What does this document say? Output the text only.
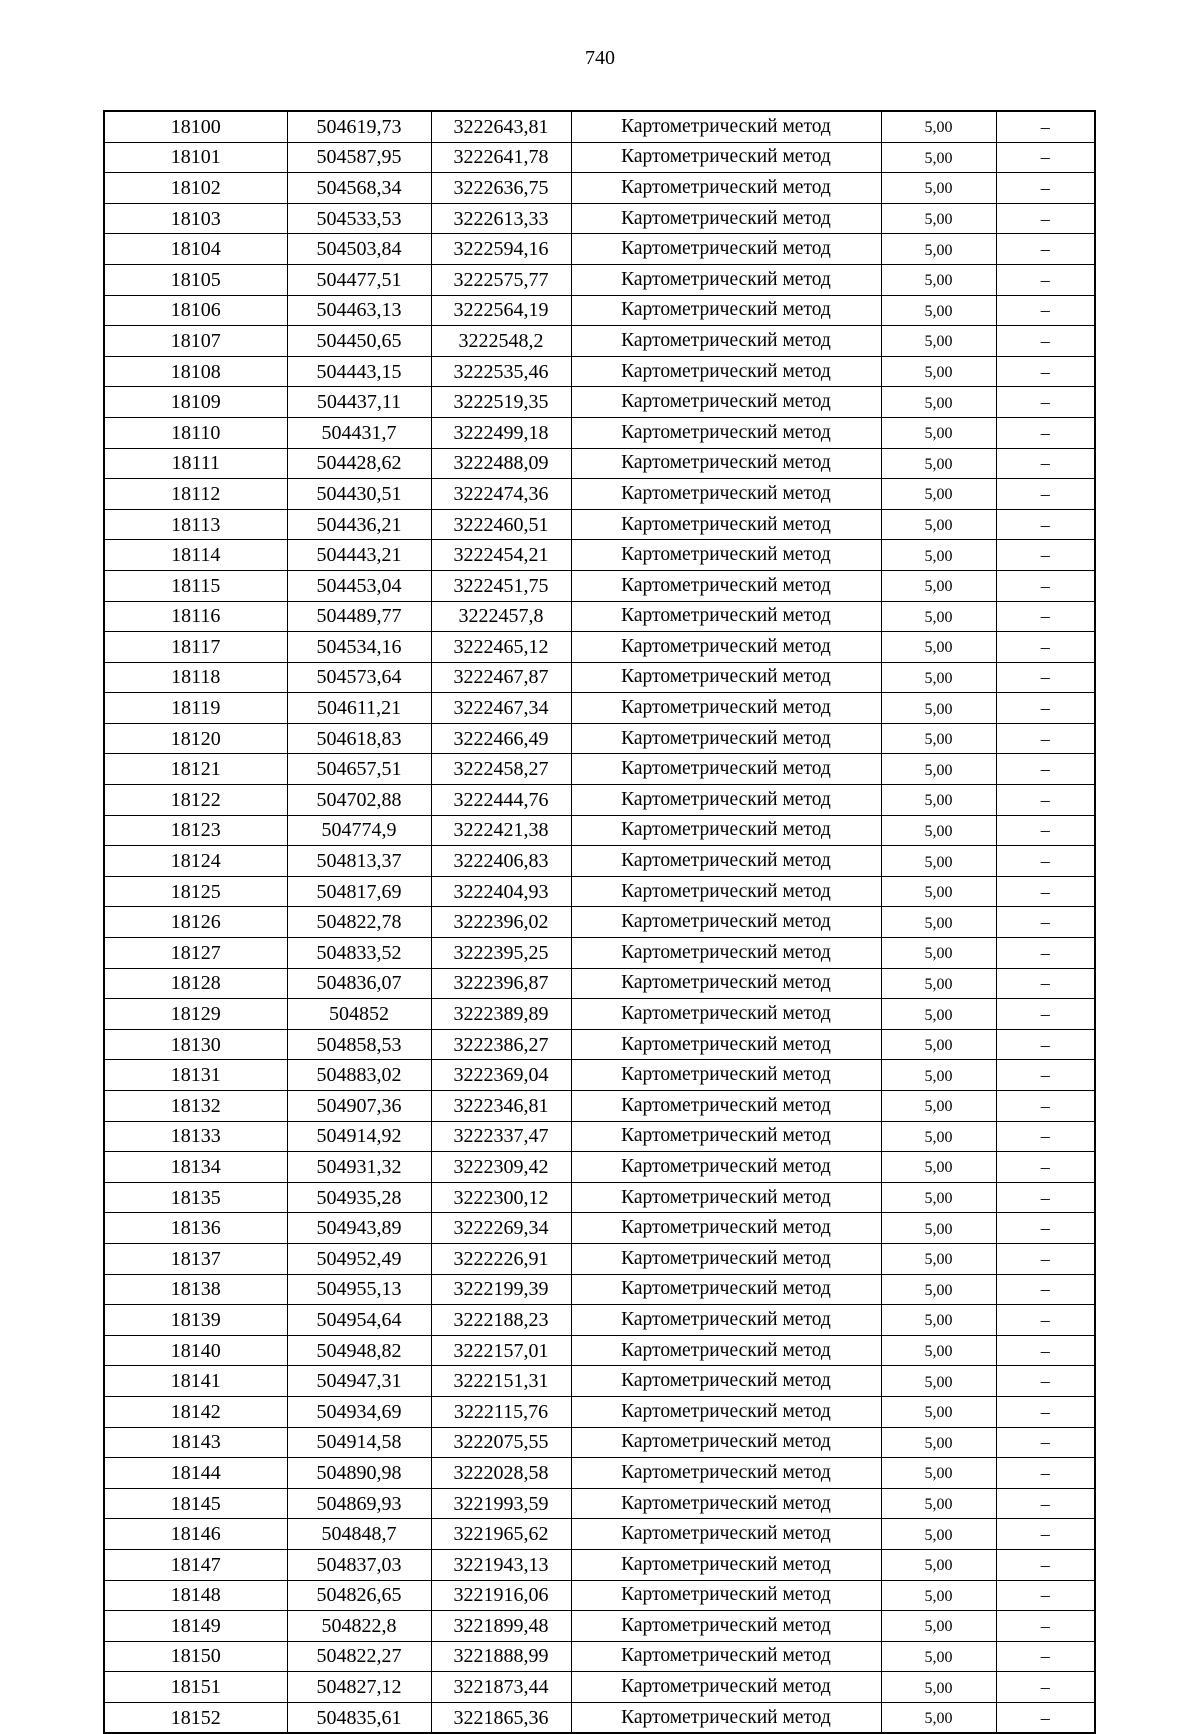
740
18100	504619,73	3222643,81	Картометрический метод	5,00	–
18101	504587,95	3222641,78	Картометрический метод	5,00	–
18102	504568,34	3222636,75	Картометрический метод	5,00	–
18103	504533,53	3222613,33	Картометрический метод	5,00	–
18104	504503,84	3222594,16	Картометрический метод	5,00	–
18105	504477,51	3222575,77	Картометрический метод	5,00	–
18106	504463,13	3222564,19	Картометрический метод	5,00	–
18107	504450,65	3222548,2	Картометрический метод	5,00	–
18108	504443,15	3222535,46	Картометрический метод	5,00	–
18109	504437,11	3222519,35	Картометрический метод	5,00	–
18110	504431,7	3222499,18	Картометрический метод	5,00	–
18111	504428,62	3222488,09	Картометрический метод	5,00	–
18112	504430,51	3222474,36	Картометрический метод	5,00	–
18113	504436,21	3222460,51	Картометрический метод	5,00	–
18114	504443,21	3222454,21	Картометрический метод	5,00	–
18115	504453,04	3222451,75	Картометрический метод	5,00	–
18116	504489,77	3222457,8	Картометрический метод	5,00	–
18117	504534,16	3222465,12	Картометрический метод	5,00	–
18118	504573,64	3222467,87	Картометрический метод	5,00	–
18119	504611,21	3222467,34	Картометрический метод	5,00	–
18120	504618,83	3222466,49	Картометрический метод	5,00	–
18121	504657,51	3222458,27	Картометрический метод	5,00	–
18122	504702,88	3222444,76	Картометрический метод	5,00	–
18123	504774,9	3222421,38	Картометрический метод	5,00	–
18124	504813,37	3222406,83	Картометрический метод	5,00	–
18125	504817,69	3222404,93	Картометрический метод	5,00	–
18126	504822,78	3222396,02	Картометрический метод	5,00	–
18127	504833,52	3222395,25	Картометрический метод	5,00	–
18128	504836,07	3222396,87	Картометрический метод	5,00	–
18129	504852	3222389,89	Картометрический метод	5,00	–
18130	504858,53	3222386,27	Картометрический метод	5,00	–
18131	504883,02	3222369,04	Картометрический метод	5,00	–
18132	504907,36	3222346,81	Картометрический метод	5,00	–
18133	504914,92	3222337,47	Картометрический метод	5,00	–
18134	504931,32	3222309,42	Картометрический метод	5,00	–
18135	504935,28	3222300,12	Картометрический метод	5,00	–
18136	504943,89	3222269,34	Картометрический метод	5,00	–
18137	504952,49	3222226,91	Картометрический метод	5,00	–
18138	504955,13	3222199,39	Картометрический метод	5,00	–
18139	504954,64	3222188,23	Картометрический метод	5,00	–
18140	504948,82	3222157,01	Картометрический метод	5,00	–
18141	504947,31	3222151,31	Картометрический метод	5,00	–
18142	504934,69	3222115,76	Картометрический метод	5,00	–
18143	504914,58	3222075,55	Картометрический метод	5,00	–
18144	504890,98	3222028,58	Картометрический метод	5,00	–
18145	504869,93	3221993,59	Картометрический метод	5,00	–
18146	504848,7	3221965,62	Картометрический метод	5,00	–
18147	504837,03	3221943,13	Картометрический метод	5,00	–
18148	504826,65	3221916,06	Картометрический метод	5,00	–
18149	504822,8	3221899,48	Картометрический метод	5,00	–
18150	504822,27	3221888,99	Картометрический метод	5,00	–
18151	504827,12	3221873,44	Картометрический метод	5,00	–
18152	504835,61	3221865,36	Картометрический метод	5,00	–
